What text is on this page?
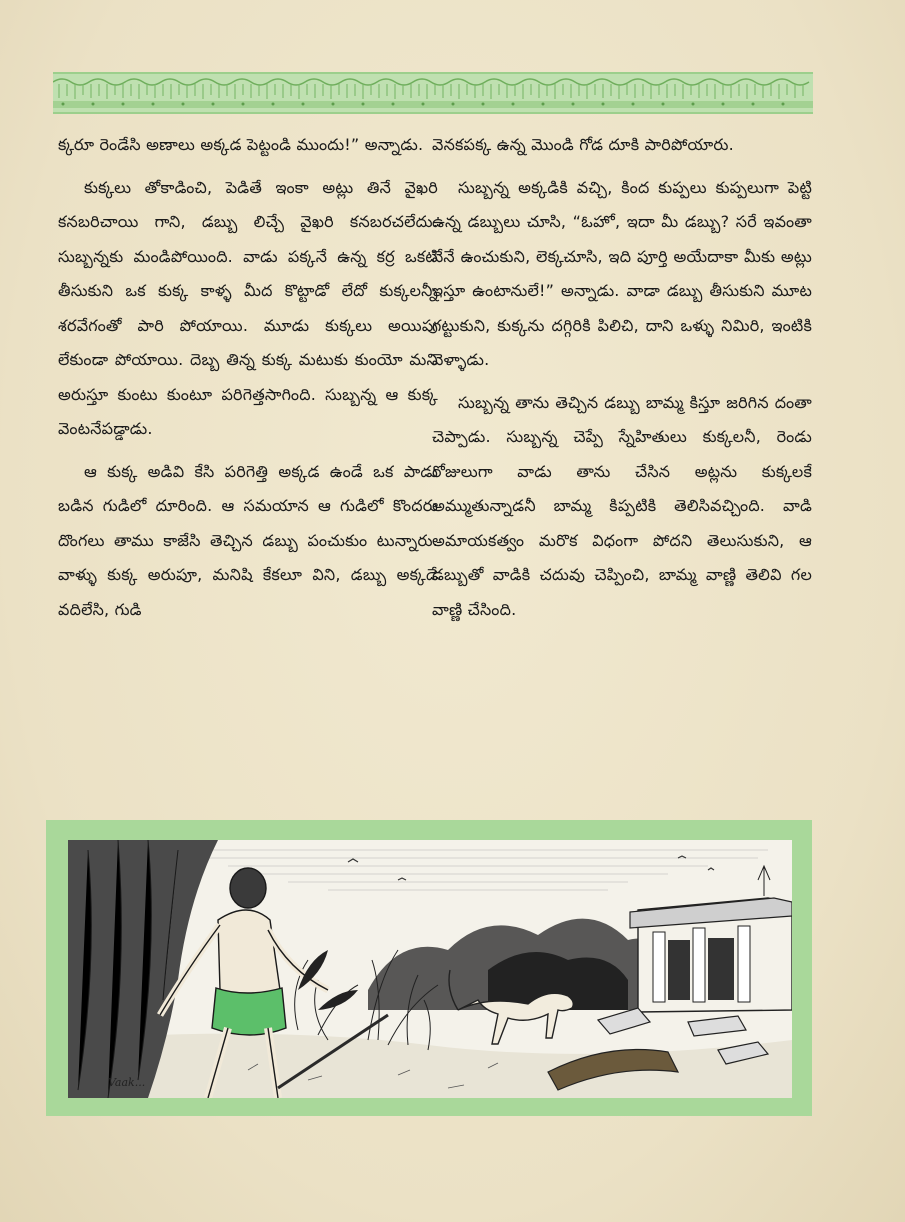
క్కరూ రెండేసి అణాలు అక్కడ పెట్టండి ముందు!” అన్నాడు.

కుక్కలు తోకాడించి, పెడితే ఇంకా అట్లు తినే వైఖరి కనబరిచాయి గాని, డబ్బు లిచ్చే వైఖరి కనబరచలేదు. సుబ్బన్నకు మండిపోయింది. వాడు పక్కనే ఉన్న కర్ర ఒకటి తీసుకుని ఒక కుక్క కాళ్ళ మీద కొట్టాడో లేదో కుక్కలన్నీ శరవేగంతో పారి పోయాయి. మూడు కుక్కలు అయిపు లేకుండా పోయాయి. దెబ్బ తిన్న కుక్క మటుకు కుంయో మని అరుస్తూ కుంటు కుంటూ పరిగెత్తసాగింది. సుబ్బన్న ఆ కుక్క వెంటనేపడ్డాడు.

ఆ కుక్క అడివి కేసి పరిగెత్తి అక్కడ ఉండే ఒక పాడు బడిన గుడిలో దూరింది. ఆ సమయాన ఆ గుడిలో కొందరు దొంగలు తాము కాజేసి తెచ్చిన డబ్బు పంచుకుం టున్నారు. వాళ్ళు కుక్క అరుపూ, మనిషి కేకలూ విని, డబ్బు అక్కడే వదిలేసి, గుడి

వెనకపక్క ఉన్న మొండి గోడ దూకి పారిపోయారు.

సుబ్బన్న అక్కడికి వచ్చి, కింద కుప్పలు కుప్పలుగా పెట్టి ఉన్న డబ్బులు చూసి, “ఓహో, ఇదా మీ డబ్బు? సరే ఇవంతా నేనే ఉంచుకుని, లెక్కచూసి, ఇది పూర్తి అయేదాకా మీకు అట్లు ఇస్తూ ఉంటానులే!” అన్నాడు. వాడా డబ్బు తీసుకుని మూట గట్టుకుని, కుక్కను దగ్గిరికి పిలిచి, దాని ఒళ్ళు నిమిరి, ఇంటికి వెళ్ళాడు.

సుబ్బన్న తాను తెచ్చిన డబ్బు బామ్మ కిస్తూ జరిగిన దంతా చెప్పాడు. సుబ్బన్న చెప్పే స్నేహితులు కుక్కలనీ, రెండు రోజులుగా వాడు తాను చేసిన అట్లను కుక్కలకే అమ్ముతున్నాడనీ బామ్మ కిప్పటికి తెలిసివచ్చింది. వాడి అమాయకత్వం మరొక విధంగా పోదని తెలుసుకుని, ఆ డబ్బుతో వాడికి చదువు చెప్పించి, బామ్మ వాణ్ణి తెలివి గల వాణ్ణి చేసింది.

Vaak...
